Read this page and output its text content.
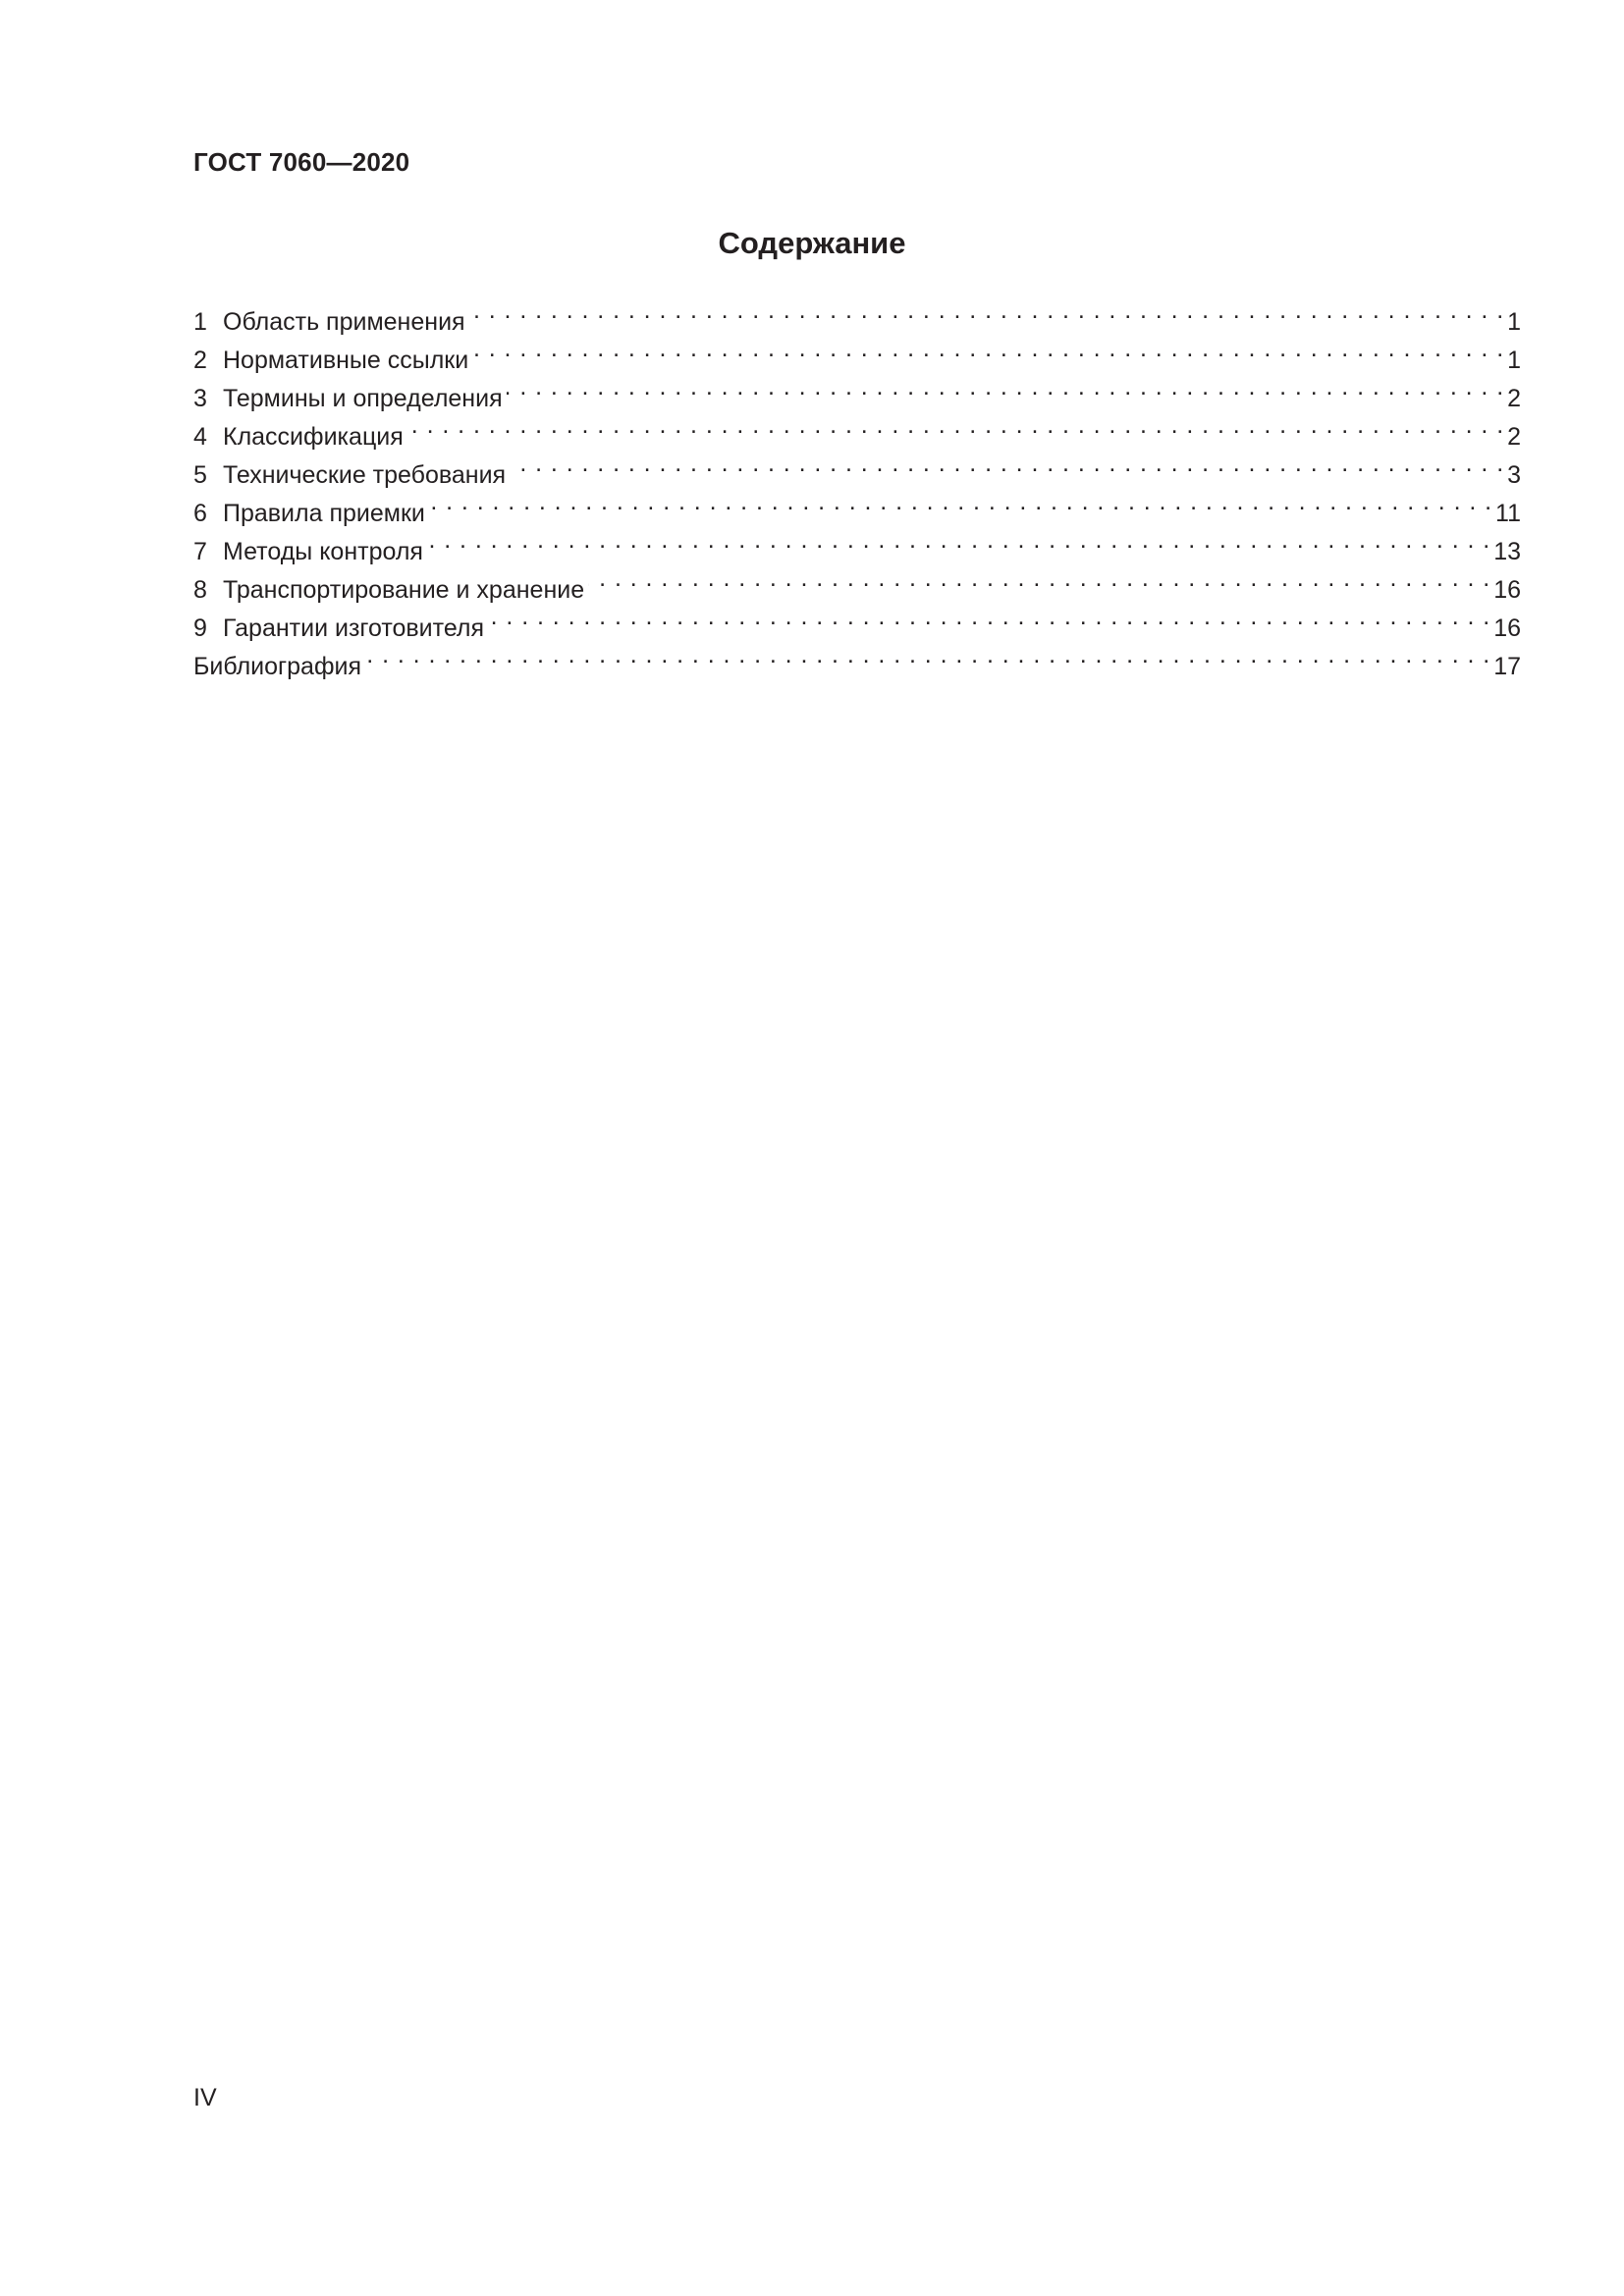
ГОСТ 7060—2020
Содержание
1 Область применения . . .	1
2 Нормативные ссылки . . .	1
3 Термины и определения . . .	2
4 Классификация . . .	2
5 Технические требования . . .	3
6 Правила приемки . . .	11
7 Методы контроля . . .	13
8 Транспортирование и хранение . . .	16
9 Гарантии изготовителя . . .	16
Библиография . . .	17
IV
